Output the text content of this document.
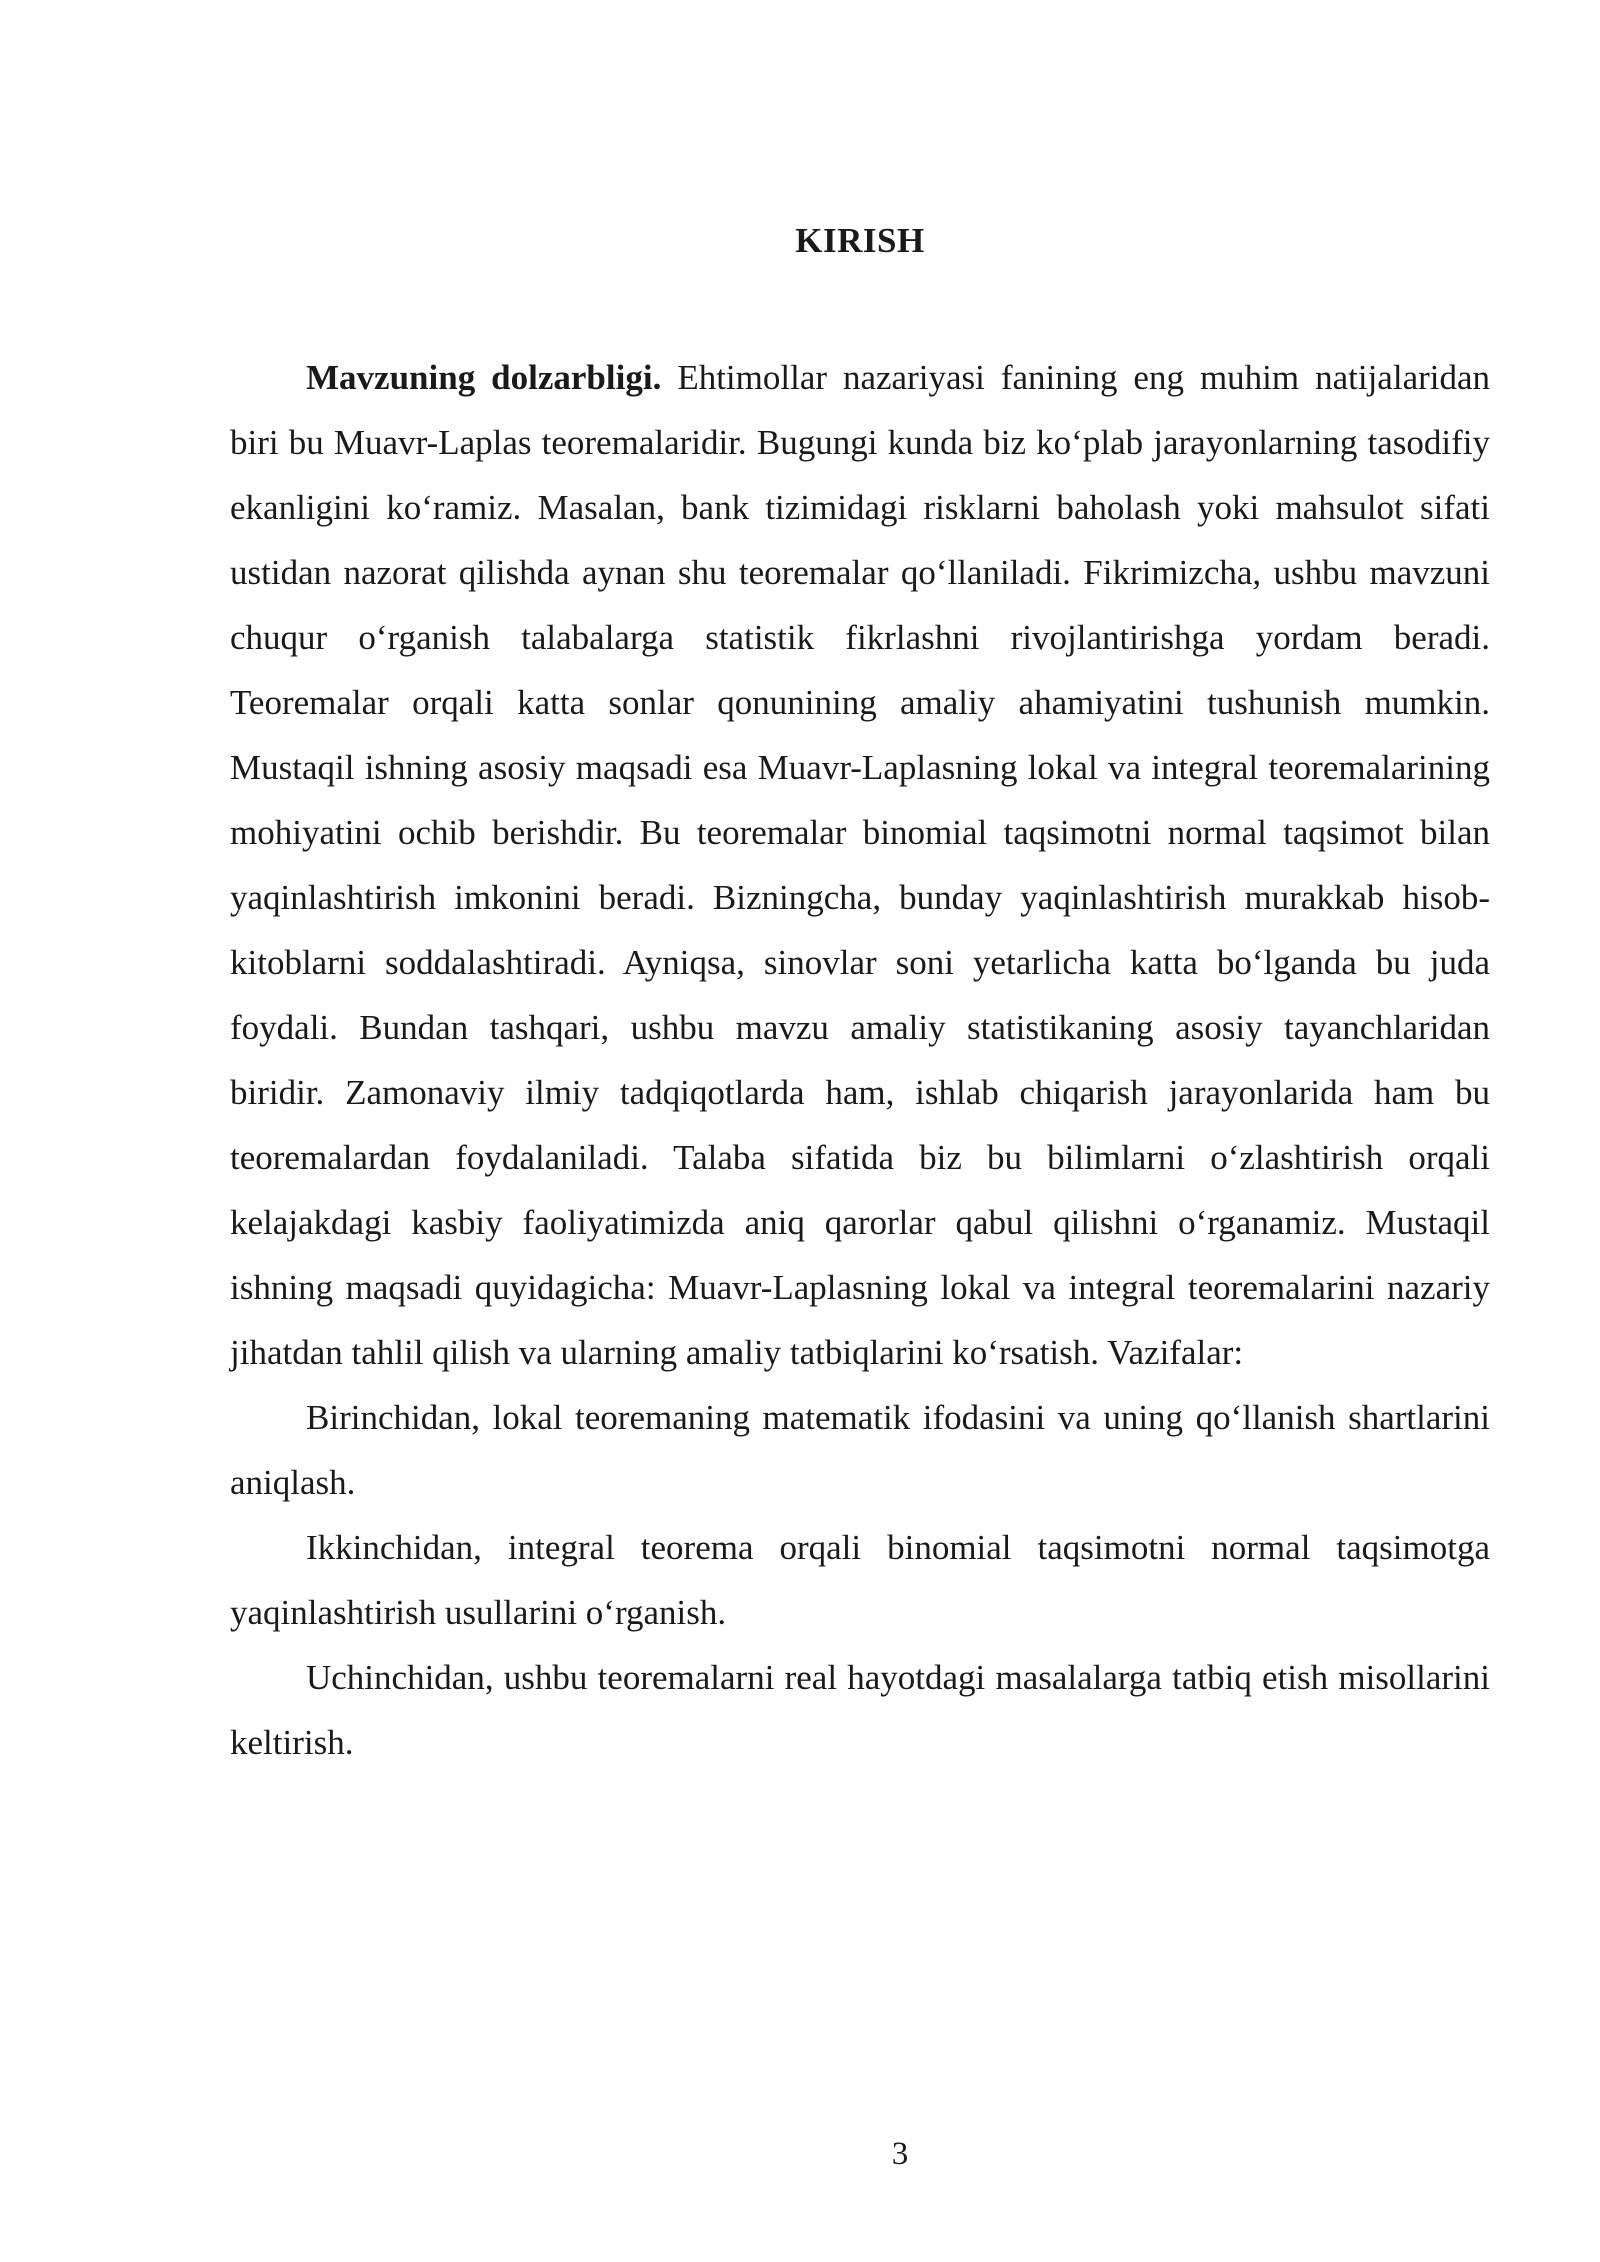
KIRISH

Mavzuning dolzarbligi. Ehtimollar nazariyasi fanining eng muhim natijalaridan biri bu Muavr-Laplas teoremalaridir. Bugungi kunda biz koʻplab jarayonlarning tasodifiy ekanligini koʻramiz. Masalan, bank tizimidagi risklarni baholash yoki mahsulot sifati ustidan nazorat qilishda aynan shu teoremalar qoʻllaniladi. Fikrimizcha, ushbu mavzuni chuqur oʻrganish talabalarga statistik fikrlashni rivojlantirishga yordam beradi. Teoremalar orqali katta sonlar qonunining amaliy ahamiyatini tushunish mumkin. Mustaqil ishning asosiy maqsadi esa Muavr-Laplasning lokal va integral teoremalarining mohiyatini ochib berishdir. Bu teoremalar binomial taqsimotni normal taqsimot bilan yaqinlashtirish imkonini beradi. Bizningcha, bunday yaqinlashtirish murakkab hisob-kitoblarni soddalashtiradi. Ayniqsa, sinovlar soni yetarlicha katta boʻlganda bu juda foydali. Bundan tashqari, ushbu mavzu amaliy statistikaning asosiy tayanchlaridan biridir. Zamonaviy ilmiy tadqiqotlarda ham, ishlab chiqarish jarayonlarida ham bu teoremalardan foydalaniladi. Talaba sifatida biz bu bilimlarni oʻzlashtirish orqali kelajakdagi kasbiy faoliyatimizda aniq qarorlar qabul qilishni oʻrganamiz. Mustaqil ishning maqsadi quyidagicha: Muavr-Laplasning lokal va integral teoremalarini nazariy jihatdan tahlil qilish va ularning amaliy tatbiqlarini koʻrsatish. Vazifalar:

Birinchidan, lokal teoremaning matematik ifodasini va uning qoʻllanish shartlarini aniqlash.

Ikkinchidan, integral teorema orqali binomial taqsimotni normal taqsimotga yaqinlashtirish usullarini oʻrganish.

Uchinchidan, ushbu teoremalarni real hayotdagi masalalarga tatbiq etish misollarini keltirish.

3
